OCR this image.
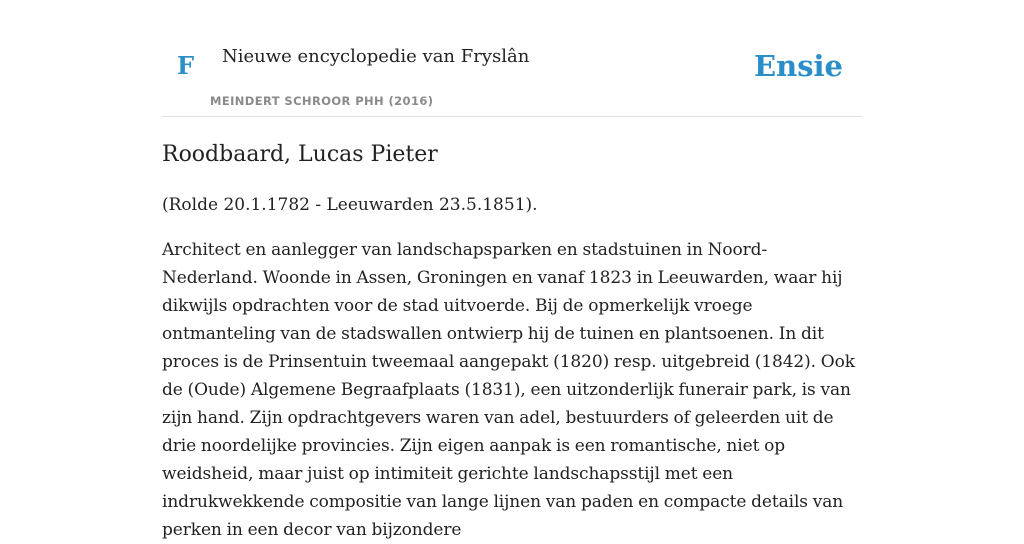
F Nieuwe encyclopedie van Fryslân
MEINDERT SCHROOR PHH (2016)
Ensie
Roodbaard, Lucas Pieter

(Rolde 20.1.1782 - Leeuwarden 23.5.1851).

Architect en aanlegger van landschapsparken en stadstuinen in Noord-Nederland. Woonde in Assen, Groningen en vanaf 1823 in Leeuwarden, waar hij dikwijls opdrachten voor de stad uitvoerde. Bij de opmerkelijk vroege ontmanteling van de stadswallen ontwierp hij de tuinen en plantsoenen. In dit proces is de Prinsentuin tweemaal aangepakt (1820) resp. uitgebreid (1842). Ook de (Oude) Algemene Begraafplaats (1831), een uitzonderlijk funerair park, is van zijn hand. Zijn opdrachtgevers waren van adel, bestuurders of geleerden uit de drie noordelijke provincies. Zijn eigen aanpak is een romantische, niet op weidsheid, maar juist op intimiteit gerichte landschapsstijl met een indrukwekkende compositie van lange lijnen van paden en compacte details van perken in een decor van bijzondere
